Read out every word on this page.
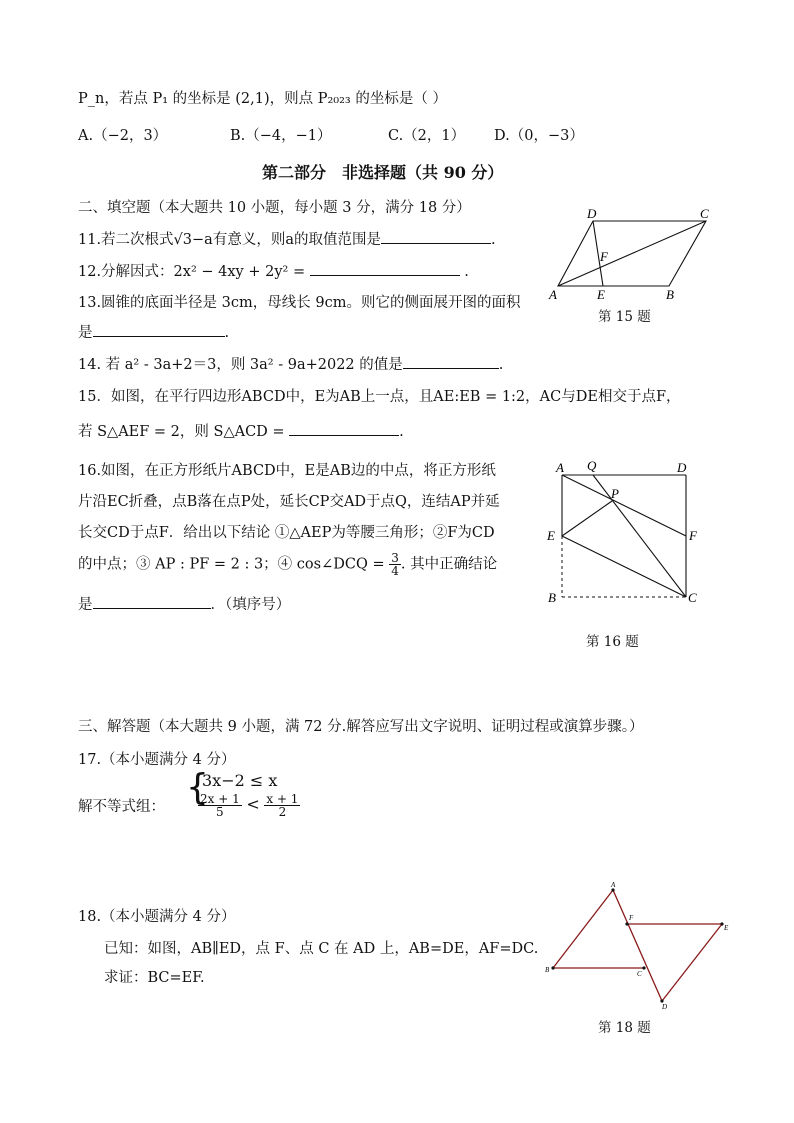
P_n，若点 P₁ 的坐标是 (2,1)，则点 P₂₀₂₃ 的坐标是（ ）
A.（−2，3）	B.（−4，−1）	C.（2，1） D.（0，−3）
第二部分　非选择题（共 90 分）
二、填空题（本大题共 10 小题，每小题 3 分，满分 18 分）
11.若二次根式√3−a有意义，则a的取值范围是	.
12.分解因式：2x² − 4xy + 2y² =	.
13.圆锥的底面半径是 3cm，母线长 9cm。则它的侧面展开图的面积
是	.
14. 若 a² - 3a+2＝3，则 3a² - 9a+2022 的值是	.
A	B
C
D
E
F
第 15 题
15．如图，在平行四边形ABCD中，E为AB上一点，且AE:EB = 1:2，AC与DE相交于点F，
若 S△AEF = 2，则 S△ACD =	.
16.如图，在正方形纸片ABCD中，E是AB边的中点，将正方形纸
片沿EC折叠，点B落在点P处，延长CP交AD于点Q，连结AP并延
长交CD于点F．给出以下结论 ①△AEP为等腰三角形；②F为CD
的中点；③ AP : PF = 2 : 3；④ cos∠DCQ = $\frac{3}{4}$ . 其中正确结论
是	．（填序号）
A Q	D
P
E	F
B	C
第 16 题
三、解答题（本大题共 9 小题，满 72 分.解答应写出文字说明、证明过程或演算步骤。）
17.（本小题满分 4 分）
解不等式组： {
3x−2 ≤ x
$\frac{2x + 1}{5} < \frac{x + 1}{2}$
18.（本小题满分 4 分）
已知：如图，AB∥ED，点 F、点 C 在 AD 上，AB=DE，AF=DC.
求证：BC=EF.
A
B	C
D
E
F
第 18 题
